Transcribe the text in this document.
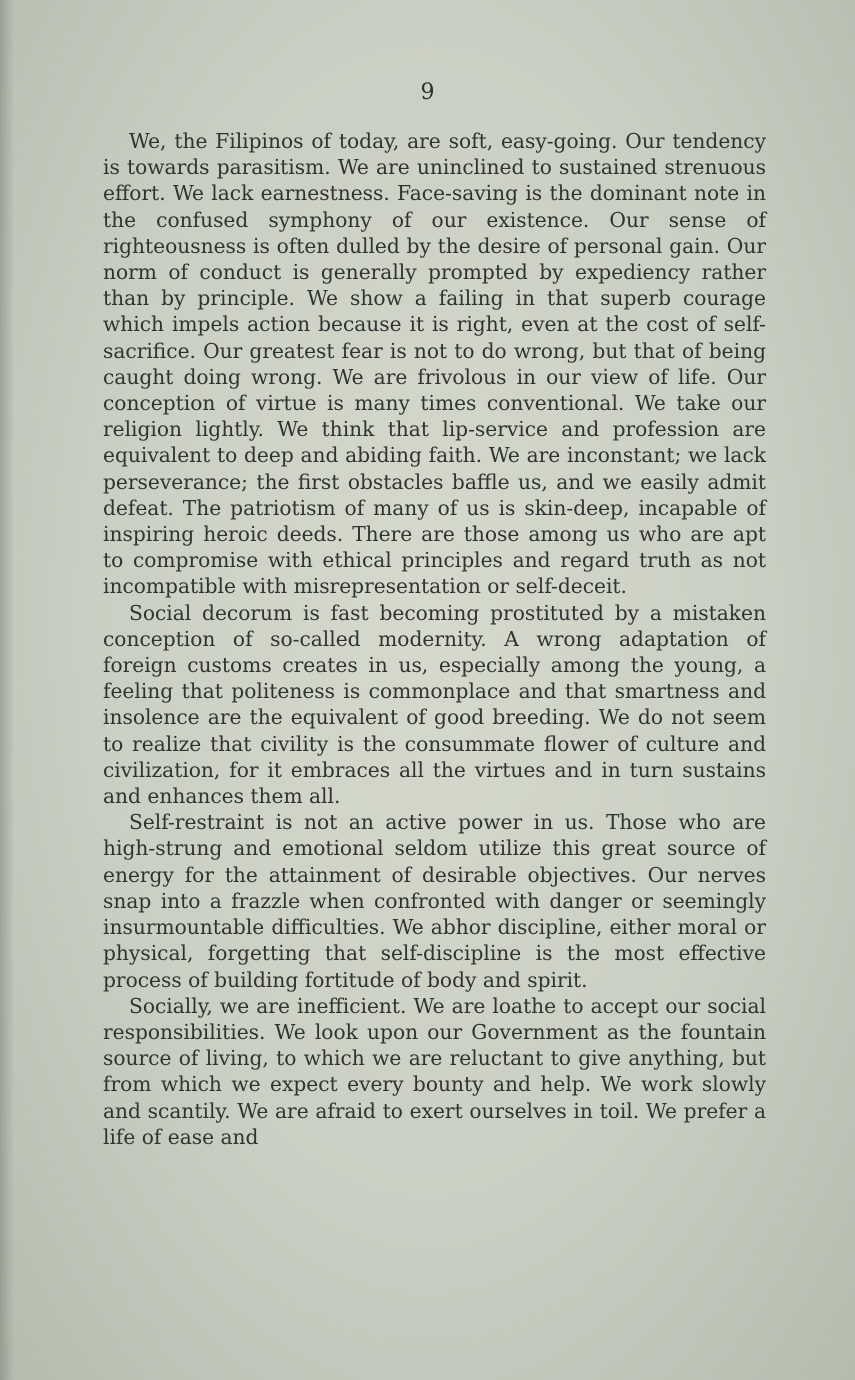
9

We, the Filipinos of today, are soft, easy-going. Our tendency is towards parasitism. We are uninclined to sustained strenuous effort. We lack earnestness. Face-saving is the dominant note in the confused symphony of our existence. Our sense of righteousness is often dulled by the desire of personal gain. Our norm of conduct is generally prompted by expediency rather than by principle. We show a failing in that superb courage which impels action because it is right, even at the cost of self-sacrifice. Our greatest fear is not to do wrong, but that of being caught doing wrong. We are frivolous in our view of life. Our conception of virtue is many times conventional. We take our religion lightly. We think that lip-service and profession are equivalent to deep and abiding faith. We are inconstant; we lack perseverance; the first obstacles baffle us, and we easily admit defeat. The patriotism of many of us is skin-deep, incapable of inspiring heroic deeds. There are those among us who are apt to compromise with ethical principles and regard truth as not incompatible with misrepresentation or self-deceit.

Social decorum is fast becoming prostituted by a mistaken conception of so-called modernity. A wrong adaptation of foreign customs creates in us, especially among the young, a feeling that politeness is commonplace and that smartness and insolence are the equivalent of good breeding. We do not seem to realize that civility is the consummate flower of culture and civilization, for it embraces all the virtues and in turn sustains and enhances them all.

Self-restraint is not an active power in us. Those who are high-strung and emotional seldom utilize this great source of energy for the attainment of desirable objectives. Our nerves snap into a frazzle when confronted with danger or seemingly insurmountable difficulties. We abhor discipline, either moral or physical, forgetting that self-discipline is the most effective process of building fortitude of body and spirit.

Socially, we are inefficient. We are loathe to accept our social responsibilities. We look upon our Government as the fountain source of living, to which we are reluctant to give anything, but from which we expect every bounty and help. We work slowly and scantily. We are afraid to exert ourselves in toil. We prefer a life of ease and
